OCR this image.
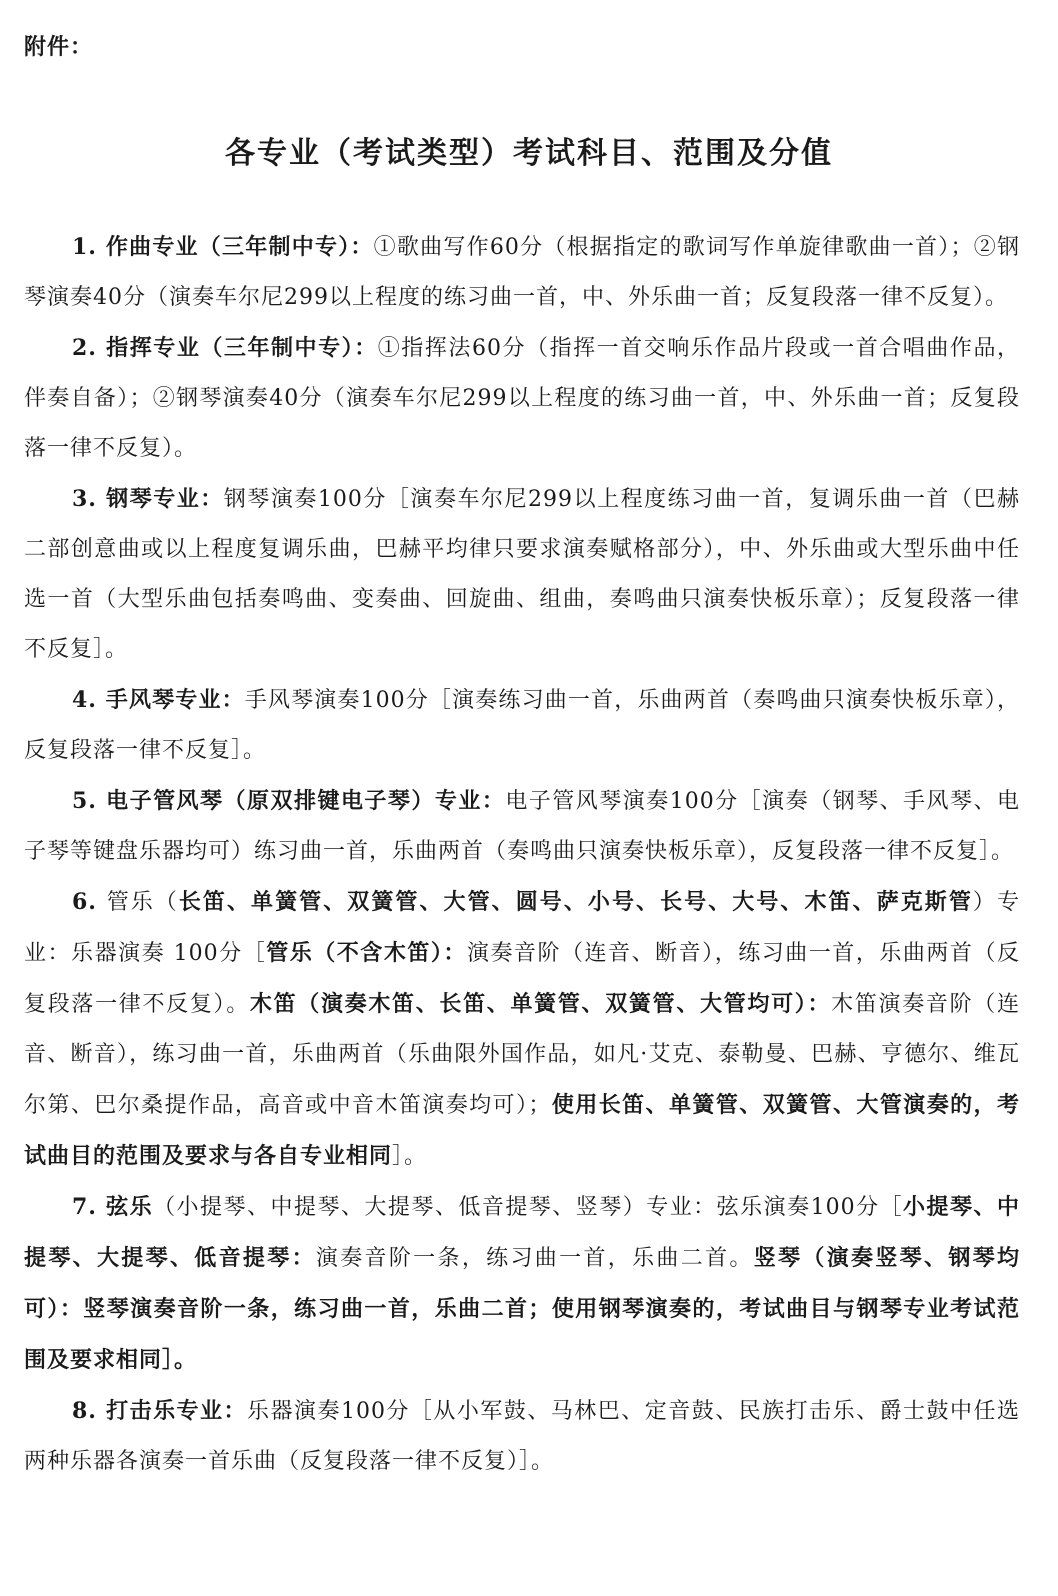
附件：
各专业（考试类型）考试科目、范围及分值

1. 作曲专业（三年制中专）：①歌曲写作60分（根据指定的歌词写作单旋律歌曲一首）；②钢琴演奏40分（演奏车尔尼299以上程度的练习曲一首，中、外乐曲一首；反复段落一律不反复）。

2. 指挥专业（三年制中专）：①指挥法60分（指挥一首交响乐作品片段或一首合唱曲作品，伴奏自备）；②钢琴演奏40分（演奏车尔尼299以上程度的练习曲一首，中、外乐曲一首；反复段落一律不反复）。

3. 钢琴专业：钢琴演奏100分［演奏车尔尼299以上程度练习曲一首，复调乐曲一首（巴赫二部创意曲或以上程度复调乐曲，巴赫平均律只要求演奏赋格部分），中、外乐曲或大型乐曲中任选一首（大型乐曲包括奏鸣曲、变奏曲、回旋曲、组曲，奏鸣曲只演奏快板乐章）；反复段落一律不反复］。

4. 手风琴专业：手风琴演奏100分［演奏练习曲一首，乐曲两首（奏鸣曲只演奏快板乐章），反复段落一律不反复］。

5. 电子管风琴（原双排键电子琴）专业：电子管风琴演奏100分［演奏（钢琴、手风琴、电子琴等键盘乐器均可）练习曲一首，乐曲两首（奏鸣曲只演奏快板乐章），反复段落一律不反复］。

6. 管乐（长笛、单簧管、双簧管、大管、圆号、小号、长号、大号、木笛、萨克斯管）专业：乐器演奏 100分［管乐（不含木笛）：演奏音阶（连音、断音），练习曲一首，乐曲两首（反复段落一律不反复）。木笛（演奏木笛、长笛、单簧管、双簧管、大管均可）：木笛演奏音阶（连音、断音），练习曲一首，乐曲两首（乐曲限外国作品，如凡·艾克、泰勒曼、巴赫、亨德尔、维瓦尔第、巴尔桑提作品，高音或中音木笛演奏均可）；使用长笛、单簧管、双簧管、大管演奏的，考试曲目的范围及要求与各自专业相同］。

7. 弦乐（小提琴、中提琴、大提琴、低音提琴、竖琴）专业：弦乐演奏100分［小提琴、中提琴、大提琴、低音提琴：演奏音阶一条，练习曲一首，乐曲二首。竖琴（演奏竖琴、钢琴均可）：竖琴演奏音阶一条，练习曲一首，乐曲二首；使用钢琴演奏的，考试曲目与钢琴专业考试范围及要求相同］。

8. 打击乐专业：乐器演奏100分［从小军鼓、马林巴、定音鼓、民族打击乐、爵士鼓中任选两种乐器各演奏一首乐曲（反复段落一律不反复）］。
